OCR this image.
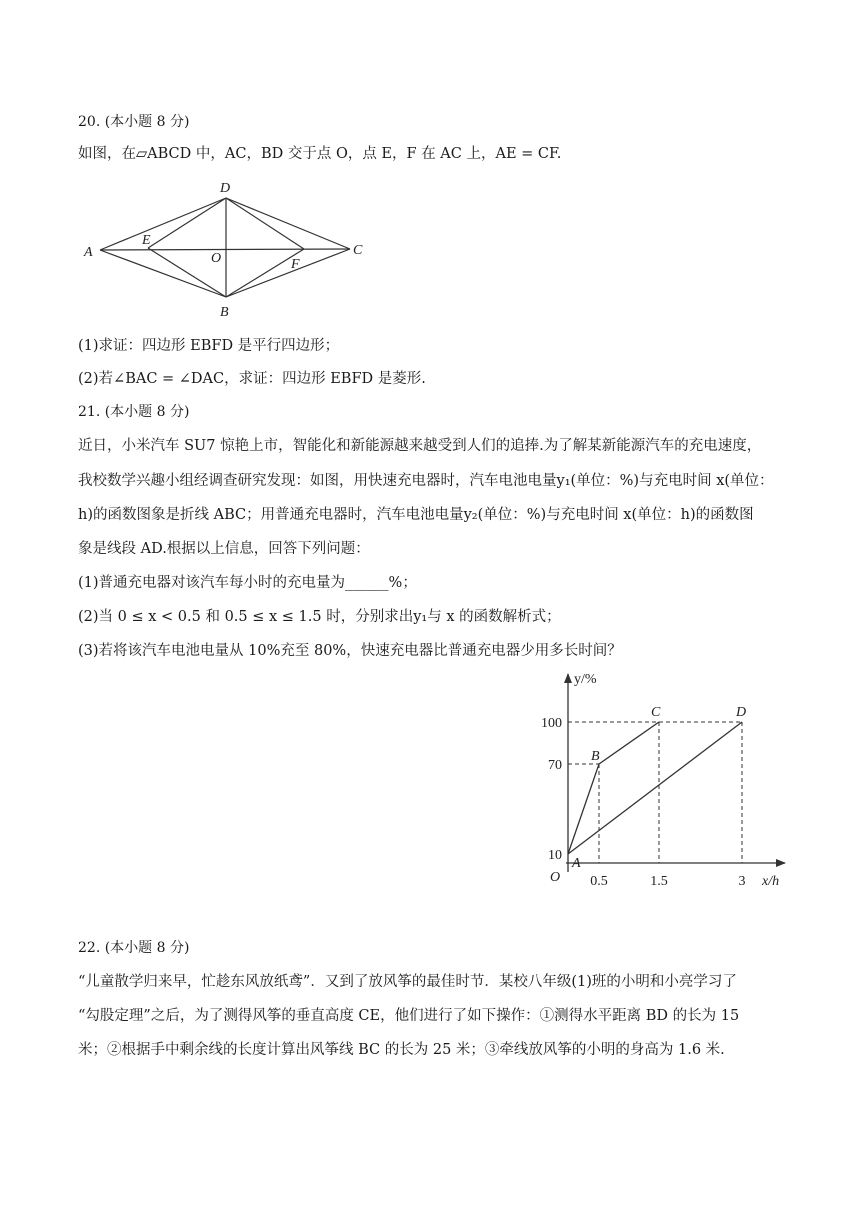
20. (本小题 8 分)
如图，在▱ABCD 中，AC，BD 交于点 O，点 E，F 在 AC 上，AE = CF.
A
D
C
B
E
F
O
(1)求证：四边形 EBFD 是平行四边形；
(2)若∠BAC = ∠DAC，求证：四边形 EBFD 是菱形.
21. (本小题 8 分)
近日，小米汽车 SU7 惊艳上市，智能化和新能源越来越受到人们的追捧.为了解某新能源汽车的充电速度，
我校数学兴趣小组经调查研究发现：如图，用快速充电器时，汽车电池电量y₁(单位：%)与充电时间 x(单位：
h)的函数图象是折线 ABC；用普通充电器时，汽车电池电量y₂(单位：%)与充电时间 x(单位：h)的函数图
象是线段 AD.根据以上信息，回答下列问题：
(1)普通充电器对该汽车每小时的充电量为______%；
(2)当 0 ≤ x < 0.5 和 0.5 ≤ x ≤ 1.5 时，分别求出y₁与 x 的函数解析式；
(3)若将该汽车电池电量从 10%充至 80%，快速充电器比普通充电器少用多长时间？
y/%
x/h
O 0.5	1.5	3
10
70
100
A
B
C	D
22. (本小题 8 分)
“儿童散学归来早，忙趁东风放纸鸢”．又到了放风筝的最佳时节．某校八年级(1)班的小明和小亮学习了
“勾股定理”之后，为了测得风筝的垂直高度 CE，他们进行了如下操作：①测得水平距离 BD 的长为 15
米；②根据手中剩余线的长度计算出风筝线 BC 的长为 25 米；③牵线放风筝的小明的身高为 1.6 米.
